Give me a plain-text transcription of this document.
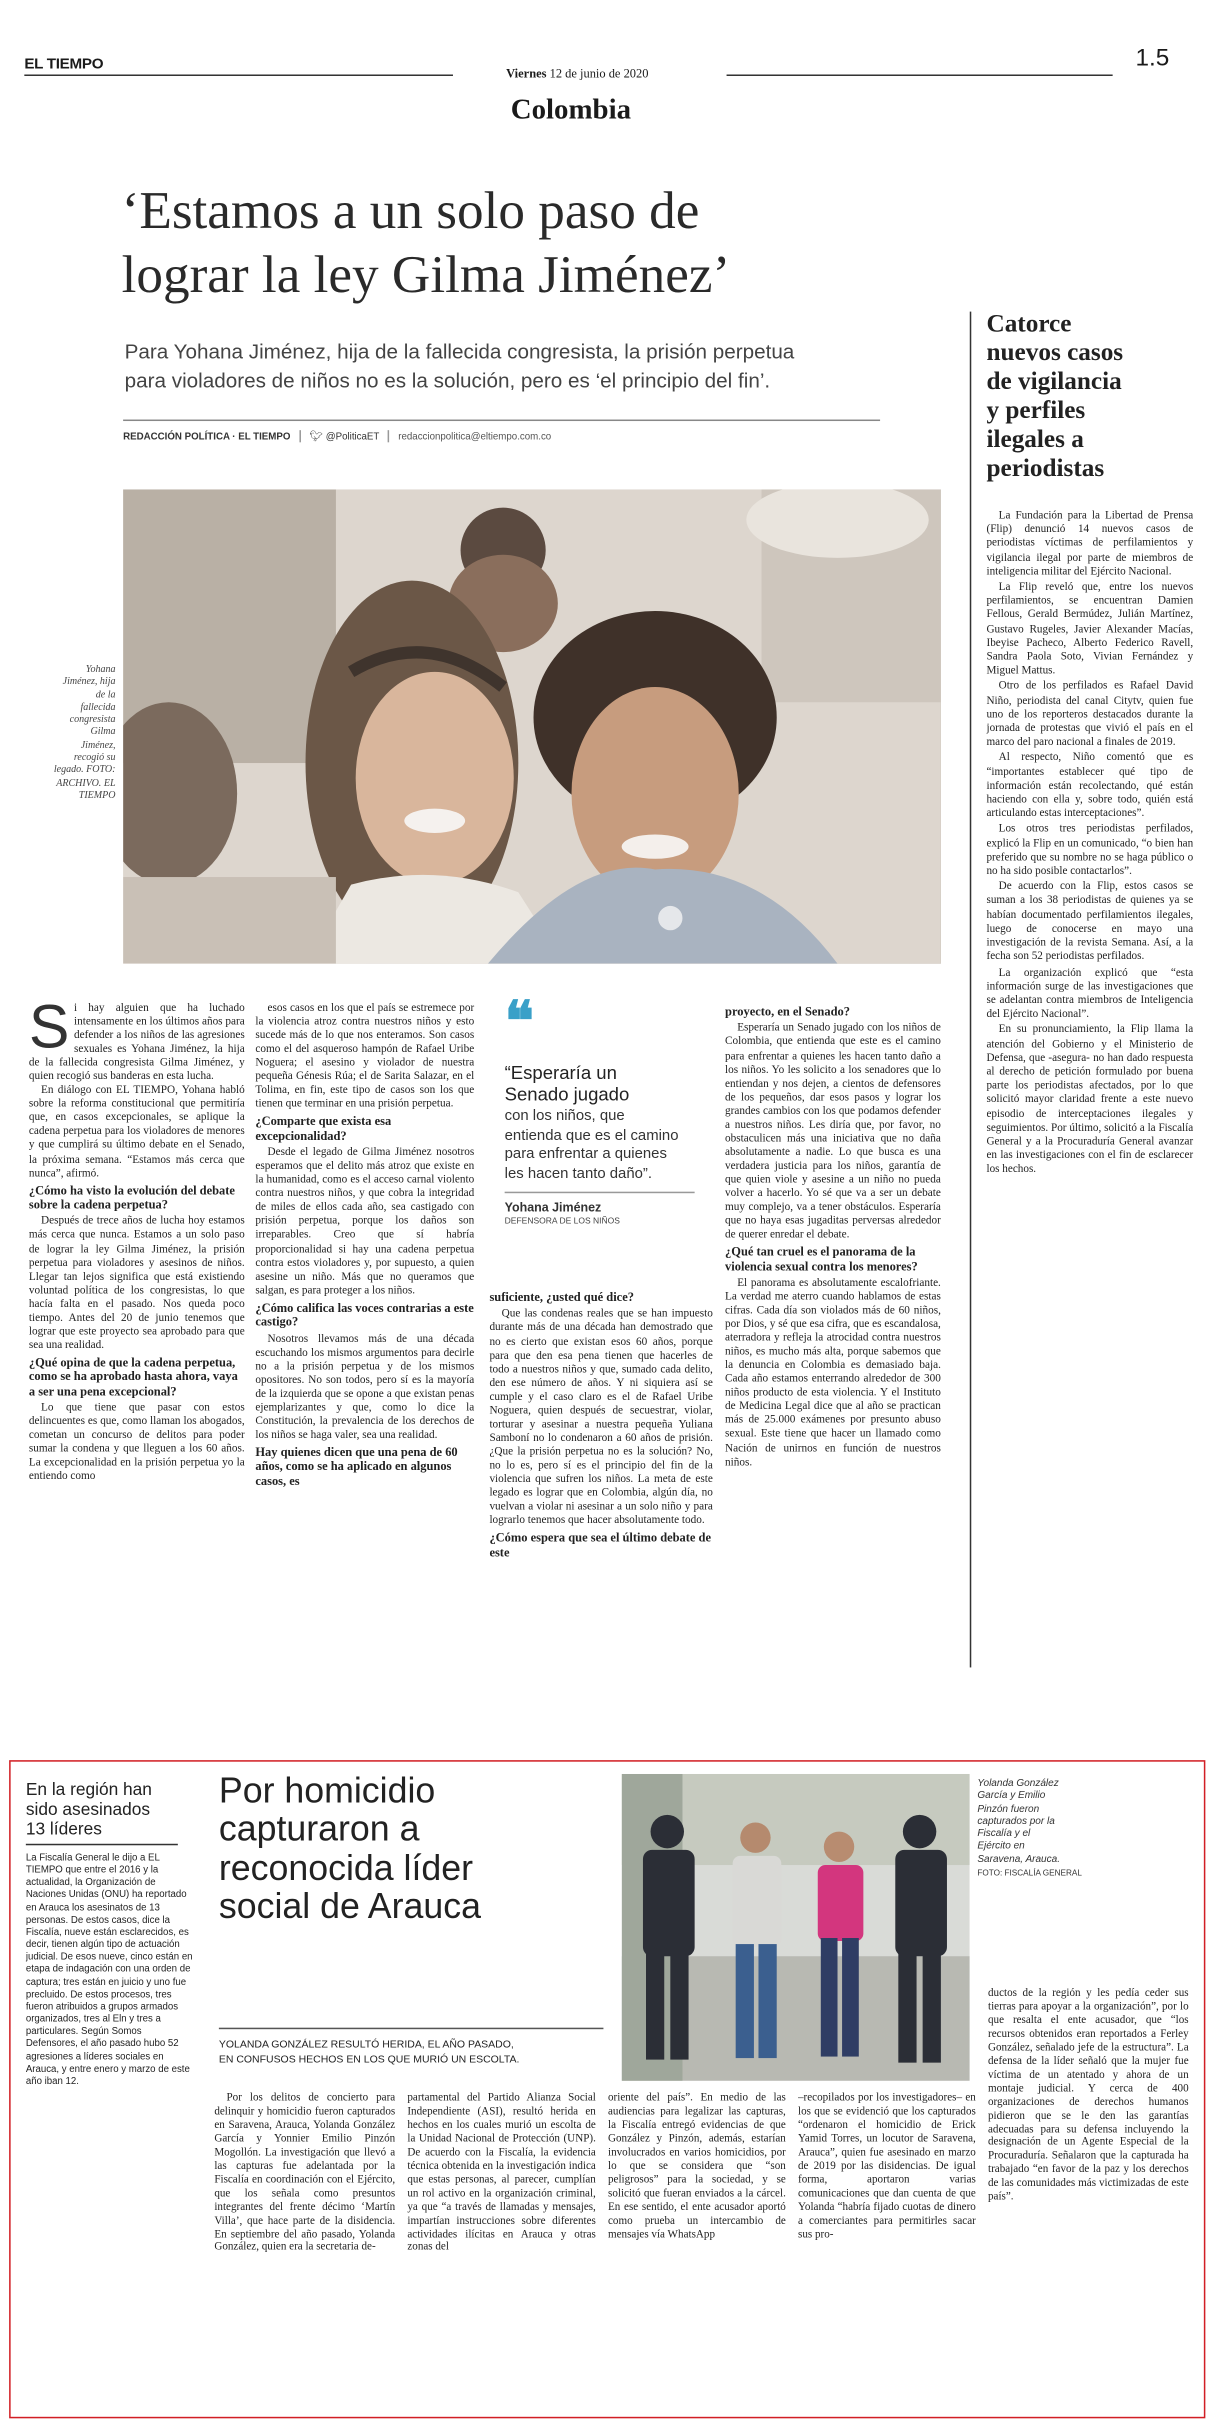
EL TIEMPO
Viernes 12 de junio de 2020
1.5
Colombia
‘Estamos a un solo paso de
lograr la ley Gilma Jiménez’
Para Yohana Jiménez, hija de la fallecida congresista, la prisión perpetua
para violadores de niños no es la solución, pero es ‘el principio del fin’.
REDACCIÓN POLÍTICA · EL TIEMPO	🐦︎ @PoliticaET	redaccionpolitica@eltiempo.com.co
Yohana
Jiménez, hija
de la
fallecida
congresista
Gilma
Jiménez,
recogió su
legado. FOTO:
ARCHIVO. EL
TIEMPO

Si hay alguien que ha luchado intensamente en los últimos años para defender a los niños de las agresiones sexuales es Yohana Jiménez, la hija de la fallecida congresista Gilma Jiménez, y quien recogió sus banderas en esta lucha.

En diálogo con EL TIEMPO, Yohana habló sobre la reforma constitucional que permitiría que, en casos excepcionales, se aplique la cadena perpetua para los violadores de menores y que cumplirá su último debate en el Senado, la próxima semana. “Estamos más cerca que nunca”, afirmó.

¿Cómo ha visto la evolución del debate sobre la cadena perpetua?

Después de trece años de lucha hoy estamos más cerca que nunca. Estamos a un solo paso de lograr la ley Gilma Jiménez, la prisión perpetua para violadores y asesinos de niños. Llegar tan lejos significa que está existiendo voluntad política de los congresistas, lo que hacía falta en el pasado. Nos queda poco tiempo. Antes del 20 de junio tenemos que lograr que este proyecto sea aprobado para que sea una realidad.

¿Qué opina de que la cadena perpetua, como se ha aprobado hasta ahora, vaya a ser una pena excepcional?

Lo que tiene que pasar con estos delincuentes es que, como llaman los abogados, cometan un concurso de delitos para poder sumar la condena y que lleguen a los 60 años. La excepcionalidad en la prisión perpetua yo la entiendo como

esos casos en los que el país se estremece por la violencia atroz contra nuestros niños y esto sucede más de lo que nos enteramos. Son casos como el del asqueroso hampón de Rafael Uribe Noguera; el asesino y violador de nuestra pequeña Génesis Rúa; el de Sarita Salazar, en el Tolima, en fin, este tipo de casos son los que tienen que terminar en una prisión perpetua.

¿Comparte que exista esa excepcionalidad?

Desde el legado de Gilma Jiménez nosotros esperamos que el delito más atroz que existe en la humanidad, como es el acceso carnal violento contra nuestros niños, y que cobra la integridad de miles de ellos cada año, sea castigado con prisión perpetua, porque los daños son irreparables. Creo que sí habría proporcionalidad si hay una cadena perpetua contra estos violadores y, por supuesto, a quien asesine un niño. Más que no queramos que salgan, es para proteger a los niños.

¿Cómo califica las voces contrarias a este castigo?

Nosotros llevamos más de una década escuchando los mismos argumentos para decirle no a la prisión perpetua y de los mismos opositores. No son todos, pero sí es la mayoría de la izquierda que se opone a que existan penas ejemplarizantes y que, como lo dice la Constitución, la prevalencia de los derechos de los niños se haga valer, sea una realidad.

Hay quienes dicen que una pena de 60 años, como se ha aplicado en algunos casos, es
❝
“Esperaría un
Senado jugado
con los niños, que
entienda que es el camino
para enfrentar a quienes
les hacen tanto daño”.
Yohana Jiménez
DEFENSORA DE LOS NIÑOS
suficiente, ¿usted qué dice?

Que las condenas reales que se han impuesto durante más de una década han demostrado que no es cierto que existan esos 60 años, porque para que den esa pena tienen que hacerles de todo a nuestros niños y que, sumado cada delito, den ese número de años. Y ni siquiera así se cumple y el caso claro es el de Rafael Uribe Noguera, quien después de secuestrar, violar, torturar y asesinar a nuestra pequeña Yuliana Samboní no lo condenaron a 60 años de prisión. ¿Que la prisión perpetua no es la solución? No, no lo es, pero sí es el principio del fin de la violencia que sufren los niños. La meta de este legado es lograr que en Colombia, algún día, no vuelvan a violar ni asesinar a un solo niño y para lograrlo tenemos que hacer absolutamente todo.

¿Cómo espera que sea el último debate de este
proyecto, en el Senado?

Esperaría un Senado jugado con los niños de Colombia, que entienda que este es el camino para enfrentar a quienes les hacen tanto daño a los niños. Yo les solicito a los senadores que lo entiendan y nos dejen, a cientos de defensores de los pequeños, dar esos pasos y lograr los grandes cambios con los que podamos defender a nuestros niños. Les diría que, por favor, no obstaculicen más una iniciativa que no daña absolutamente a nadie. Lo que busca es una verdadera justicia para los niños, garantía de que quien viole y asesine a un niño no pueda volver a hacerlo. Yo sé que va a ser un debate muy complejo, va a tener obstáculos. Esperaría que no haya esas jugaditas perversas alrededor de querer enredar el debate.

¿Qué tan cruel es el panorama de la violencia sexual contra los menores?

El panorama es absolutamente escalofriante. La verdad me aterro cuando hablamos de estas cifras. Cada día son violados más de 60 niños, por Dios, y sé que esa cifra, que es escandalosa, aterradora y refleja la atrocidad contra nuestros niños, es mucho más alta, porque sabemos que la denuncia en Colombia es demasiado baja. Cada año estamos enterrando alrededor de 300 niños producto de esta violencia. Y el Instituto de Medicina Legal dice que al año se practican más de 25.000 exámenes por presunto abuso sexual. Este tiene que hacer un llamado como Nación de unirnos en función de nuestros niños.

Catorce
nuevos casos
de vigilancia
y perfiles
ilegales a
periodistas

La Fundación para la Libertad de Prensa (Flip) denunció 14 nuevos casos de periodistas víctimas de perfilamientos y vigilancia ilegal por parte de miembros de inteligencia militar del Ejército Nacional.

La Flip reveló que, entre los nuevos perfilamientos, se encuentran Damien Fellous, Gerald Bermúdez, Julián Martínez, Gustavo Rugeles, Javier Alexander Macías, Ibeyise Pacheco, Alberto Federico Ravell, Sandra Paola Soto, Vivian Fernández y Miguel Mattus.

Otro de los perfilados es Rafael David Niño, periodista del canal Citytv, quien fue uno de los reporteros destacados durante la jornada de protestas que vivió el país en el marco del paro nacional a finales de 2019.

Al respecto, Niño comentó que es “importantes establecer qué tipo de información están recolectando, qué están haciendo con ella y, sobre todo, quién está articulando estas interceptaciones”.

Los otros tres periodistas perfilados, explicó la Flip en un comunicado, “o bien han preferido que su nombre no se haga público o no ha sido posible contactarlos”.

De acuerdo con la Flip, estos casos se suman a los 38 periodistas de quienes ya se habían documentado perfilamientos ilegales, luego de conocerse en mayo una investigación de la revista Semana. Así, a la fecha son 52 periodistas perfilados.

La organización explicó que “esta información surge de las investigaciones que se adelantan contra miembros de Inteligencia del Ejército Nacional”.

En su pronunciamiento, la Flip llama la atención del Gobierno y el Ministerio de Defensa, que -asegura- no han dado respuesta al derecho de petición formulado por buena parte los periodistas afectados, por lo que solicitó mayor claridad frente a este nuevo episodio de interceptaciones ilegales y seguimientos. Por último, solicitó a la Fiscalía General y a la Procuraduría General avanzar en las investigaciones con el fin de esclarecer los hechos.

En la región han
sido asesinados
13 líderes
La Fiscalía General le dijo a EL TIEMPO que entre el 2016 y la actualidad, la Organización de Naciones Unidas (ONU) ha reportado en Arauca los asesinatos de 13 personas. De estos casos, dice la Fiscalía, nueve están esclarecidos, es decir, tienen algún tipo de actuación judicial. De esos nueve, cinco están en etapa de indagación con una orden de captura; tres están en juicio y uno fue precluido. De estos procesos, tres fueron atribuidos a grupos armados organizados, tres al Eln y tres a particulares. Según Somos Defensores, el año pasado hubo 52 agresiones a líderes sociales en Arauca, y entre enero y marzo de este año iban 12.
Por homicidio
capturaron a
reconocida líder
social de Arauca
YOLANDA GONZÁLEZ RESULTÓ HERIDA, EL AÑO PASADO,
EN CONFUSOS HECHOS EN LOS QUE MURIÓ UN ESCOLTA.
Yolanda González
García y Emilio
Pinzón fueron
capturados por la
Fiscalía y el
Ejército en
Saravena, Arauca.
FOTO: FISCALÍA GENERAL

Por los delitos de concierto para delinquir y homicidio fueron capturados en Saravena, Arauca, Yolanda González García y Yonnier Emilio Pinzón Mogollón. La investigación que llevó a las capturas fue adelantada por la Fiscalía en coordinación con el Ejército, que los señala como presuntos integrantes del frente décimo ‘Martín Villa’, que hace parte de la disidencia. En septiembre del año pasado, Yolanda González, quien era la secretaria de-

partamental del Partido Alianza Social Independiente (ASI), resultó herida en hechos en los cuales murió un escolta de la Unidad Nacional de Protección (UNP). De acuerdo con la Fiscalía, la evidencia técnica obtenida en la investigación indica que estas personas, al parecer, cumplían un rol activo en la organización criminal, ya que “a través de llamadas y mensajes, impartían instrucciones sobre diferentes actividades ilícitas en Arauca y otras zonas del

oriente del país”. En medio de las audiencias para legalizar las capturas, la Fiscalía entregó evidencias de que González y Pinzón, además, estarían involucrados en varios homicidios, por lo que se considera que “son peligrosos” para la sociedad, y se solicitó que fueran enviados a la cárcel. En ese sentido, el ente acusador aportó como prueba un intercambio de mensajes vía WhatsApp

–recopilados por los investigadores– en los que se evidenció que los capturados “ordenaron el homicidio de Erick Yamid Torres, un locutor de Saravena, Arauca”, quien fue asesinado en marzo de 2019 por las disidencias. De igual forma, aportaron varias comunicaciones que dan cuenta de que Yolanda “habría fijado cuotas de dinero a comerciantes para permitirles sacar sus pro-

ductos de la región y les pedía ceder sus tierras para apoyar a la organización”, por lo que resalta el ente acusador, que “los recursos obtenidos eran reportados a Ferley González, señalado jefe de la estructura”. La defensa de la líder señaló que la mujer fue víctima de un atentado y ahora de un montaje judicial. Y cerca de 400 organizaciones de derechos humanos pidieron que se le den las garantías adecuadas para su defensa incluyendo la designación de un Agente Especial de la Procuraduría. Señalaron que la capturada ha trabajado “en favor de la paz y los derechos de las comunidades más victimizadas de este país”.
